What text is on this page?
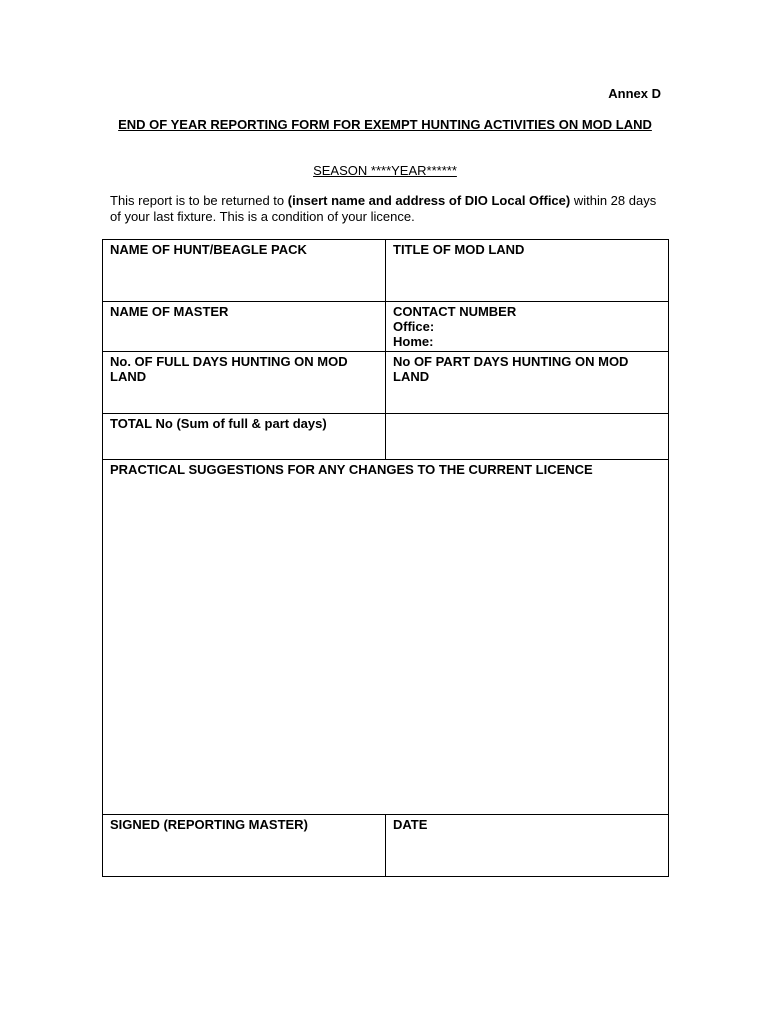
Annex D
END OF YEAR REPORTING FORM FOR EXEMPT HUNTING ACTIVITIES ON MOD LAND
SEASON ****YEAR******
This report is to be returned to (insert name and address of DIO Local Office) within 28 days of your last fixture. This is a condition of your licence.
NAME OF HUNT/BEAGLE PACK	TITLE OF MOD LAND

NAME OF MASTER	CONTACT NUMBER
Office:
Home:

No. OF FULL DAYS HUNTING ON MOD LAND	No OF PART DAYS HUNTING ON MOD LAND

TOTAL No (Sum of full & part days)	

PRACTICAL SUGGESTIONS FOR ANY CHANGES TO THE CURRENT LICENCE	

SIGNED (REPORTING MASTER)	DATE
